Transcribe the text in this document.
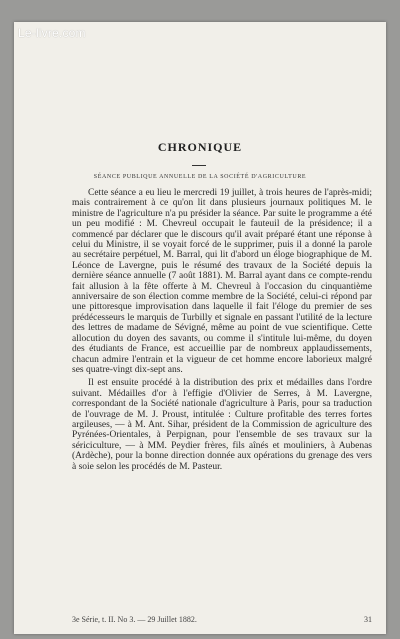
Le-livre.com
CHRONIQUE
SÉANCE PUBLIQUE ANNUELLE DE LA SOCIÉTÉ D'AGRICULTURE

Cette séance a eu lieu le mercredi 19 juillet, à trois heures de l'après-midi; mais contrairement à ce qu'on lit dans plusieurs journaux politiques M. le ministre de l'agriculture n'a pu présider la séance. Par suite le programme a été un peu modifié : M. Chevreul occupait le fauteuil de la présidence; il a commencé par déclarer que le discours qu'il avait préparé étant une réponse à celui du Ministre, il se voyait forcé de le supprimer, puis il a donné la parole au secrétaire perpétuel, M. Barral, qui lit d'abord un éloge biographique de M. Léonce de Lavergne, puis le résumé des travaux de la Société depuis la dernière séance annuelle (7 août 1881). M. Barral ayant dans ce compte-rendu fait allusion à la fête offerte à M. Chevreul à l'occasion du cinquantième anniversaire de son élection comme membre de la Société, celui-ci répond par une pittoresque improvisation dans laquelle il fait l'éloge du premier de ses prédécesseurs le marquis de Turbilly et signale en passant l'utilité de la lecture des lettres de madame de Sévigné, même au point de vue scientifique. Cette allocution du doyen des savants, ou comme il s'intitule lui-même, du doyen des étudiants de France, est accueillie par de nombreux applaudissements, chacun admire l'entrain et la vigueur de cet homme encore laborieux malgré ses quatre-vingt dix-sept ans.

Il est ensuite procédé à la distribution des prix et médailles dans l'ordre suivant. Médailles d'or à l'effigie d'Olivier de Serres, à M. Lavergne, correspondant de la Société nationale d'agriculture à Paris, pour sa traduction de l'ouvrage de M. J. Proust, intitulée : Culture profitable des terres fortes argileuses, — à M. Ant. Sihar, président de la Commission de agriculture des Pyrénées-Orientales, à Perpignan, pour l'ensemble de ses travaux sur la sériciculture, — à MM. Peydier frères, fils aînés et mouliniers, à Aubenas (Ardèche), pour la bonne direction donnée aux opérations du grenage des vers à soie selon les procédés de M. Pasteur.

3e Série, t. II. No 3. — 29 Juillet 1882.	31
